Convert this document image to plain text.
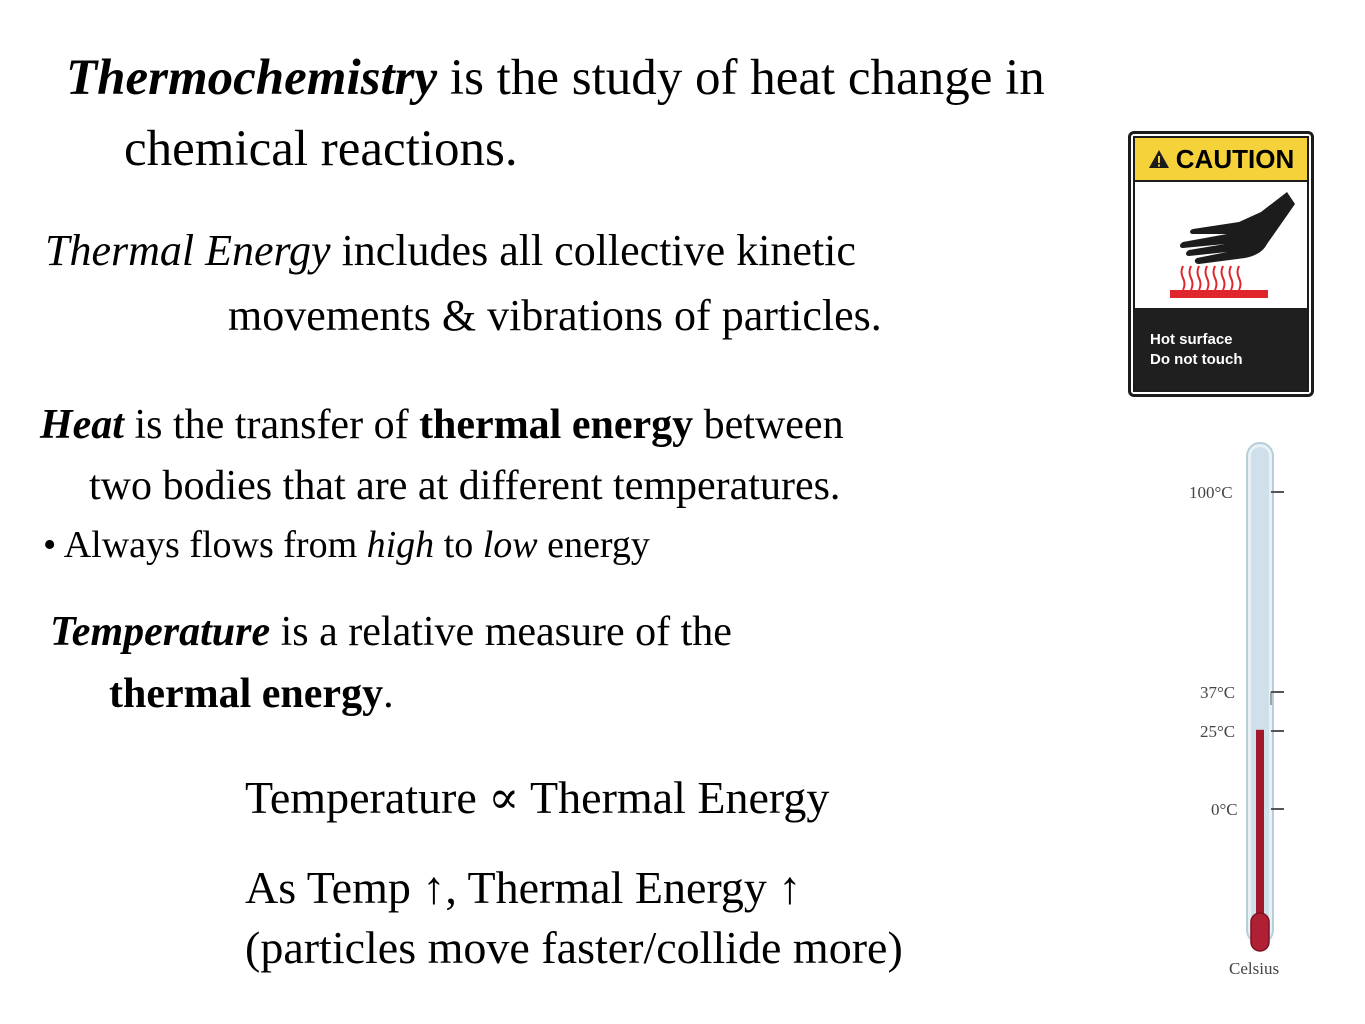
Thermochemistry is the study of heat change in

chemical reactions.

Thermal Energy includes all collective kinetic

movements & vibrations of particles.

Heat is the transfer of thermal energy between

two bodies that are at different temperatures.

• Always flows from high to low energy

Temperature is a relative measure of the

thermal energy.

Temperature ∝ Thermal Energy

As Temp ↑, Thermal Energy ↑

(particles move faster/collide more)

CAUTION
Hot surface
Do not touch
100°C
37°C
25°C
0°C
Celsius
